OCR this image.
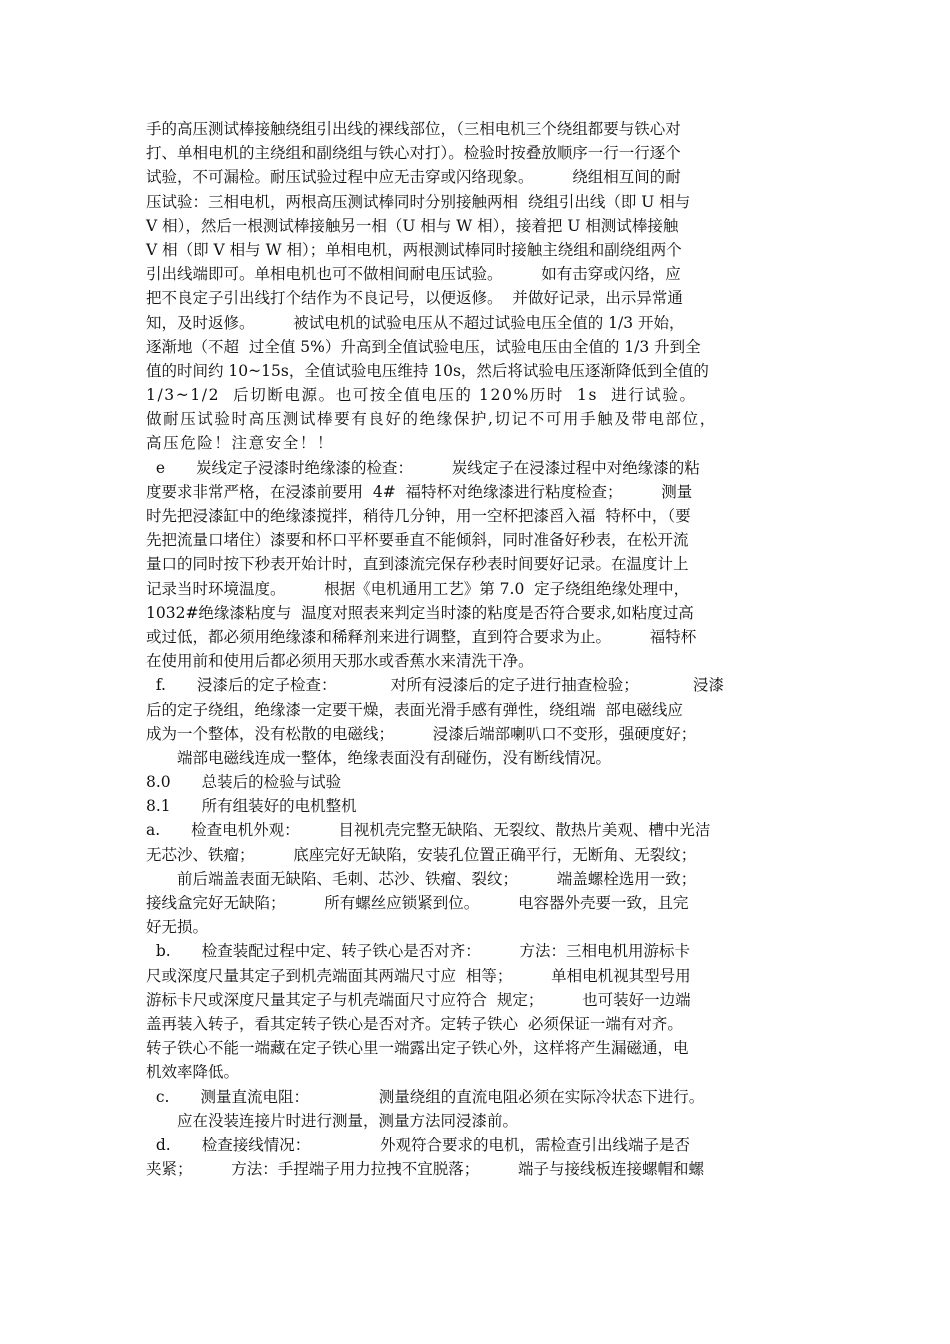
手的高压测试棒接触绕组引出线的裸线部位，（三相电机三个绕组都要与铁心对
打、单相电机的主绕组和副绕组与铁心对打）。检验时按叠放顺序一行一行逐个
试验，不可漏检。耐压试验过程中应无击穿或闪络现象。　　　绕组相互间的耐
压试验：三相电机，两根高压测试棒同时分别接触两相  绕组引出线（即 U 相与
V 相），然后一根测试棒接触另一相（U 相与 W 相），接着把 U 相测试棒接触
V 相（即 V 相与 W 相）；单相电机，两根测试棒同时接触主绕组和副绕组两个
引出线端即可。单相电机也可不做相间耐电压试验。　　　如有击穿或闪络，应
把不良定子引出线打个结作为不良记号，以便返修。  并做好记录，出示异常通
知，及时返修。　　　被试电机的试验电压从不超过试验电压全值的 1/3 开始，
逐渐地（不超  过全值 5%）升高到全值试验电压，试验电压由全值的 1/3 升到全
值的时间约 10~15s，全值试验电压维持 10s，然后将试验电压逐渐降低到全值的
1/3~1/2  后切断电源。也可按全值电压的 120%历时  1s  进行试验。
做耐压试验时高压测试棒要有良好的绝缘保护,切记不可用手触及带电部位，
高压危险！注意安全！！
e　　炭线定子浸漆时绝缘漆的检查：　　　炭线定子在浸漆过程中对绝缘漆的粘
度要求非常严格，在浸漆前要用  4#  福特杯对绝缘漆进行粘度检查；　　　测量
时先把浸漆缸中的绝缘漆搅拌，稍待几分钟，用一空杯把漆舀入福  特杯中，（要
先把流量口堵住）漆要和杯口平杯要垂直不能倾斜，同时准备好秒表，在松开流
量口的同时按下秒表开始计时，直到漆流完保存秒表时间要好记录。在温度计上
记录当时环境温度。　　　根据《电机通用工艺》第 7.0  定子绕组绝缘处理中，
1032#绝缘漆粘度与  温度对照表来判定当时漆的粘度是否符合要求,如粘度过高
或过低，都必须用绝缘漆和稀释剂来进行调整，直到符合要求为止。　　　福特杯
在使用前和使用后都必须用天那水或香蕉水来清洗干净。
f.　　浸漆后的定子检查：　　　　对所有浸漆后的定子进行抽查检验；　　　　浸漆
后的定子绕组，绝缘漆一定要干燥，表面光滑手感有弹性，绕组端  部电磁线应
成为一个整体，没有松散的电磁线；　　　浸漆后端部喇叭口不变形，强硬度好；
　　端部电磁线连成一整体，绝缘表面没有刮碰伤，没有断线情况。
8.0　　总装后的检验与试验
8.1　　所有组装好的电机整机
a.　　检查电机外观：　　　目视机壳完整无缺陷、无裂纹、散热片美观、槽中光洁
无芯沙、铁瘤；　　　底座完好无缺陷，安装孔位置正确平行，无断角、无裂纹；
　　前后端盖表面无缺陷、毛刺、芯沙、铁瘤、裂纹；　　　端盖螺栓选用一致；
接线盒完好无缺陷；　　　所有螺丝应锁紧到位。　　　电容器外壳要一致，且完
好无损。
b.　　检查装配过程中定、转子铁心是否对齐：　　　方法：三相电机用游标卡
尺或深度尺量其定子到机壳端面其两端尺寸应  相等；　　　单相电机视其型号用
游标卡尺或深度尺量其定子与机壳端面尺寸应符合  规定；　　　也可装好一边端
盖再装入转子，看其定转子铁心是否对齐。定转子铁心  必须保证一端有对齐。
转子铁心不能一端藏在定子铁心里一端露出定子铁心外，这样将产生漏磁通，电
机效率降低。
c.　　测量直流电阻：　　　　　测量绕组的直流电阻必须在实际冷状态下进行。
　　应在没装连接片时进行测量，测量方法同浸漆前。
d.　　检查接线情况：　　　　　外观符合要求的电机，需检查引出线端子是否
夹紧；　　　方法：手捏端子用力拉拽不宜脱落；　　　端子与接线板连接螺帽和螺
